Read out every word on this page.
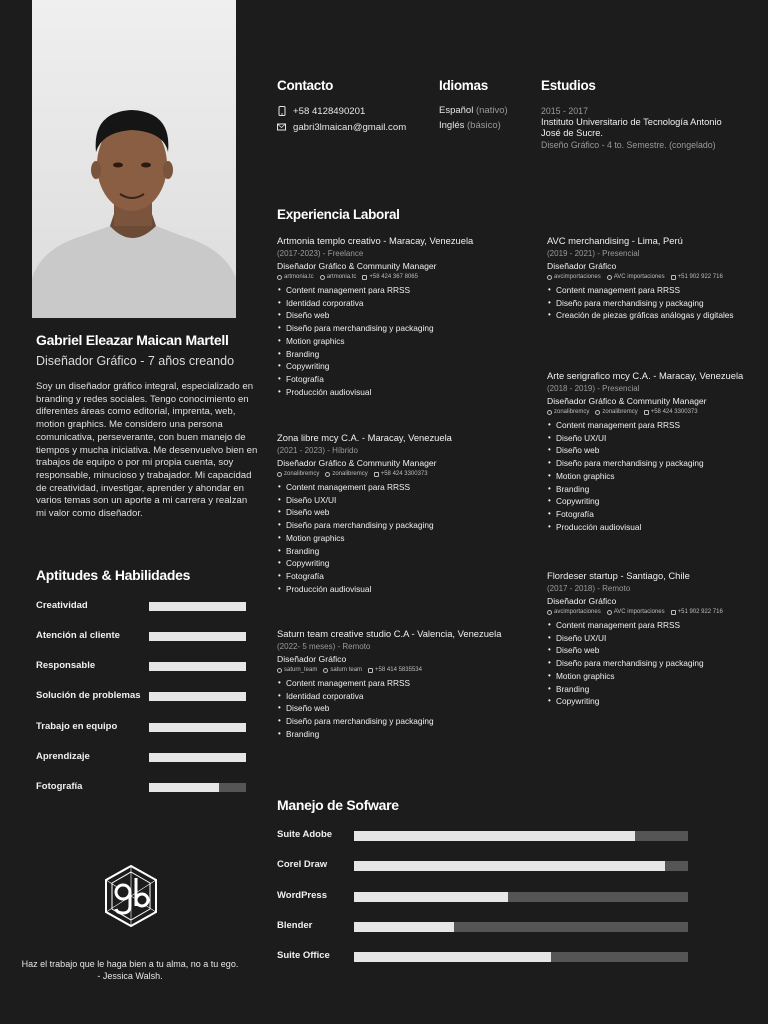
Gabriel Eleazar Maican Martell
Diseñador Gráfico - 7 años creando
Soy un diseñador gráfico integral, especializado en branding y redes sociales. Tengo conocimiento en diferentes áreas como editorial, imprenta, web, motion graphics. Me considero una persona comunicativa, perseverante, con buen manejo de tiempos y mucha iniciativa. Me desenvuelvo bien en trabajos de equipo o por mi propia cuenta, soy responsable, minucioso y trabajador. Mi capacidad de creatividad, investigar, aprender y ahondar en varios temas son un aporte a mi carrera y realzan mi valor como diseñador.
Aptitudes & Habilidades
Creatividad
Atención al cliente
Responsable
Solución de problemas
Trabajo en equipo
Aprendizaje
Fotografía
Haz el trabajo que le haga bien a tu alma, no a tu ego.
- Jessica Walsh.
Contacto
+58 4128490201
gabri3lmaican@gmail.com
Idiomas
Español (nativo)
Inglés (básico)
Estudios
2015 - 2017
Instituto Universitario de Tecnología Antonio José de Sucre.
Diseño Gráfico - 4 to. Semestre. (congelado)
Experiencia Laboral
Artmonia templo creativo - Maracay, Venezuela
(2017-2023) - Freelance
Diseñador Gráfico & Community Manager
artmonia.tc artmonia.tc +58 424 367 8065
• Content management para RRSS
• Identidad corporativa
• Diseño web
• Diseño para merchandising y packaging
• Motion graphics
• Branding
• Copywriting
• Fotografía
• Producción audiovisual
Zona libre mcy C.A. - Maracay, Venezuela
(2021 - 2023) - Híbrido
Diseñador Gráfico & Community Manager
zonalibremcy zonalibremcy +58 424 3300373
• Content management para RRSS
• Diseño UX/UI
• Diseño web
• Diseño para merchandising y packaging
• Motion graphics
• Branding
• Copywriting
• Fotografía
• Producción audiovisual
Saturn team creative studio C.A - Valencia, Venezuela
(2022- 5 meses) - Remoto
Diseñador Gráfico
saturn_team saturn team +58 414 5835534
• Content management para RRSS
• Identidad corporativa
• Diseño web
• Diseño para merchandising y packaging
• Branding
AVC merchandising - Lima, Perú
(2019 - 2021) - Presencial
Diseñador Gráfico
avcimportaciones AVC importaciones +51 902 922 716
• Content management para RRSS
• Diseño para merchandising y packaging
• Creación de piezas gráficas análogas y digitales
Arte serigrafico mcy C.A. - Maracay, Venezuela
(2018 - 2019) - Presencial
Diseñador Gráfico & Community Manager
zonalibremcy zonalibremcy +58 424 3300373
• Content management para RRSS
• Diseño UX/UI
• Diseño web
• Diseño para merchandising y packaging
• Motion graphics
• Branding
• Copywriting
• Fotografía
• Producción audiovisual
Flordeser startup - Santiago, Chile
(2017 - 2018) - Remoto
Diseñador Gráfico
avcimportaciones AVC importaciones +51 902 922 716
• Content management para RRSS
• Diseño UX/UI
• Diseño web
• Diseño para merchandising y packaging
• Motion graphics
• Branding
• Copywriting
Manejo de Sofware
Suite Adobe
Corel Draw
WordPress
Blender
Suite Office
